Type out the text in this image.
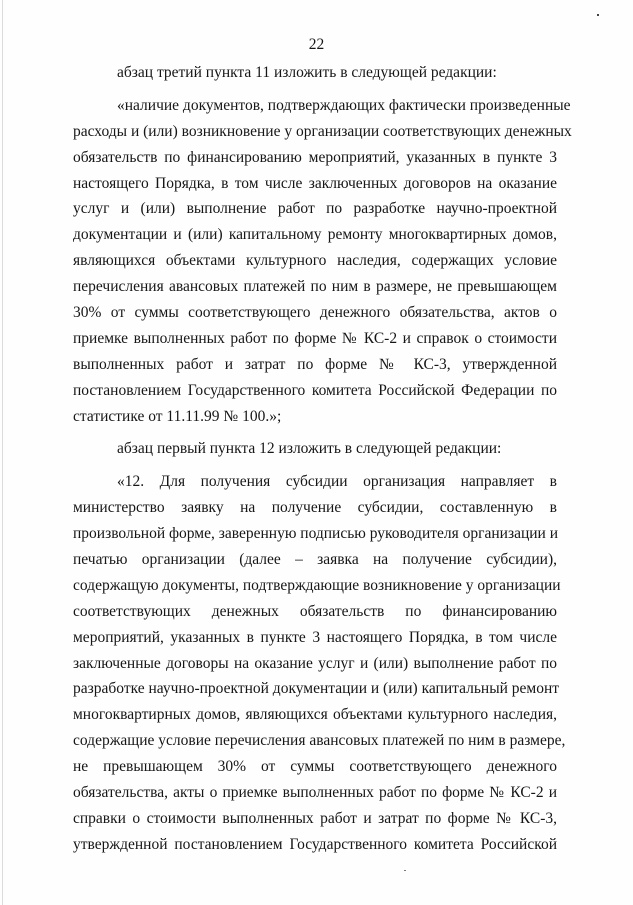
22
абзац третий пункта 11 изложить в следующей редакции:
«наличие документов, подтверждающих фактически произведенные
расходы и (или) возникновение у организации соответствующих денежных
обязательств по финансированию мероприятий, указанных в пункте 3
настоящего Порядка, в том числе заключенных договоров на оказание
услуг и (или) выполнение работ по разработке научно-проектной
документации и (или) капитальному ремонту многоквартирных домов,
являющихся объектами культурного наследия, содержащих условие
перечисления авансовых платежей по ним в размере, не превышающем
30% от суммы соответствующего денежного обязательства, актов о
приемке выполненных работ по форме № КС-2 и справок о стоимости
выполненных работ и затрат по форме № КС-3, утвержденной
постановлением Государственного комитета Российской Федерации по
статистике от 11.11.99 № 100.»;
абзац первый пункта 12 изложить в следующей редакции:
«12. Для получения субсидии организация направляет в
министерство заявку на получение субсидии, составленную в
произвольной форме, заверенную подписью руководителя организации и
печатью организации (далее – заявка на получение субсидии),
содержащую документы, подтверждающие возникновение у организации
соответствующих денежных обязательств по финансированию
мероприятий, указанных в пункте 3 настоящего Порядка, в том числе
заключенные договоры на оказание услуг и (или) выполнение работ по
разработке научно-проектной документации и (или) капитальный ремонт
многоквартирных домов, являющихся объектами культурного наследия,
содержащие условие перечисления авансовых платежей по ним в размере,
не превышающем 30% от суммы соответствующего денежного
обязательства, акты о приемке выполненных работ по форме № КС-2 и
справки о стоимости выполненных работ и затрат по форме № КС-3,
утвержденной постановлением Государственного комитета Российской
